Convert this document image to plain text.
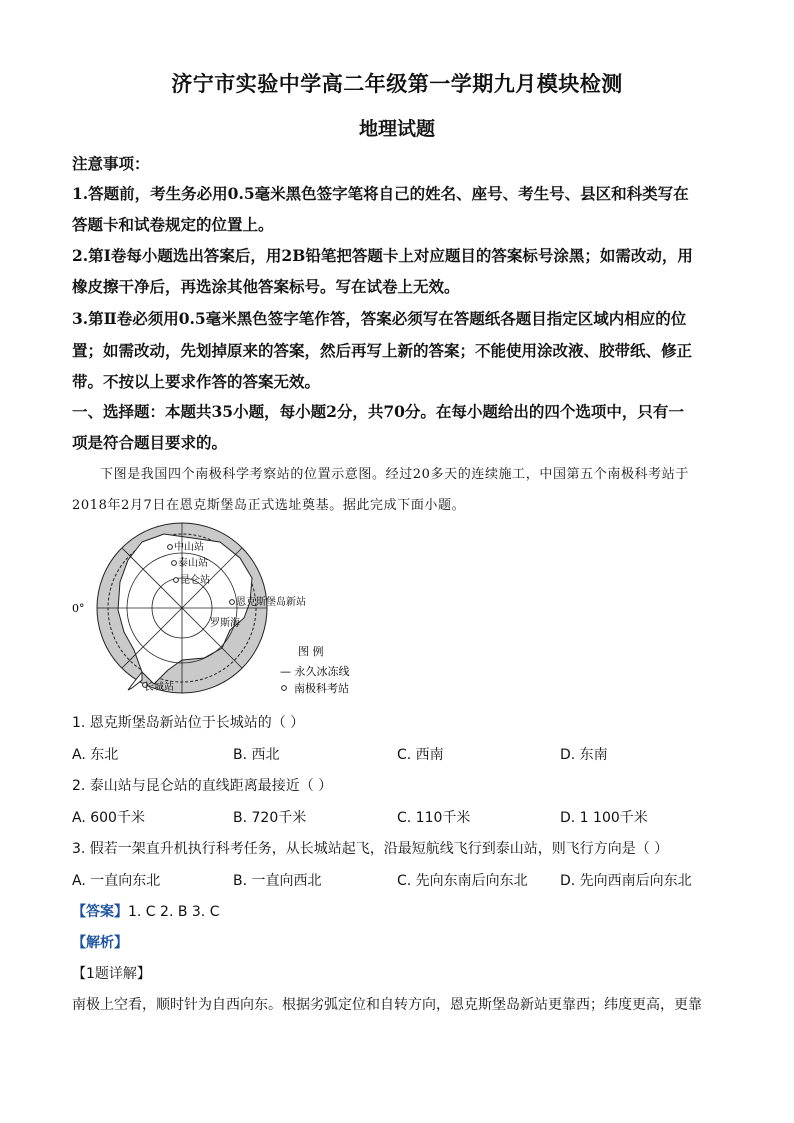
济宁市实验中学高二年级第一学期九月模块检测
地理试题
注意事项：
1.答题前，考生务必用0.5毫米黑色签字笔将自己的姓名、座号、考生号、县区和科类写在
答题卡和试卷规定的位置上。
2.第Ⅰ卷每小题选出答案后，用2B铅笔把答题卡上对应题目的答案标号涂黑；如需改动，用
橡皮擦干净后，再选涂其他答案标号。写在试卷上无效。
3.第Ⅱ卷必须用0.5毫米黑色签字笔作答，答案必须写在答题纸各题目指定区域内相应的位
置；如需改动，先划掉原来的答案，然后再写上新的答案；不能使用涂改液、胶带纸、修正
带。不按以上要求作答的答案无效。
一、选择题：本题共35小题，每小题2分，共70分。在每小题给出的四个选项中，只有一
项是符合题目要求的。
下图是我国四个南极科学考察站的位置示意图。经过20多天的连续施工，中国第五个南极科考站于
2018年2月7日在恩克斯堡岛正式选址奠基。据此完成下面小题。
中山站
泰山站
昆仑站
恩克斯堡岛新站
罗斯海
长城站
0°
图 例
— 永久冰冻线
南极科考站
1. 恩克斯堡岛新站位于长城站的（ ）
A. 东北	B. 西北	C. 西南	D. 东南
2. 泰山站与昆仑站的直线距离最接近（ ）
A. 600千米	B. 720千米	C. 110千米	D. 1 100千米
3. 假若一架直升机执行科考任务，从长城站起飞，沿最短航线飞行到泰山站，则飞行方向是（ ）
A. 一直向东北	B. 一直向西北	C. 先向东南后向东北 D. 先向西南后向东北
【答案】1. C 2. B 3. C
【解析】
【1题详解】
南极上空看，顺时针为自西向东。根据劣弧定位和自转方向，恩克斯堡岛新站更靠西；纬度更高，更靠
